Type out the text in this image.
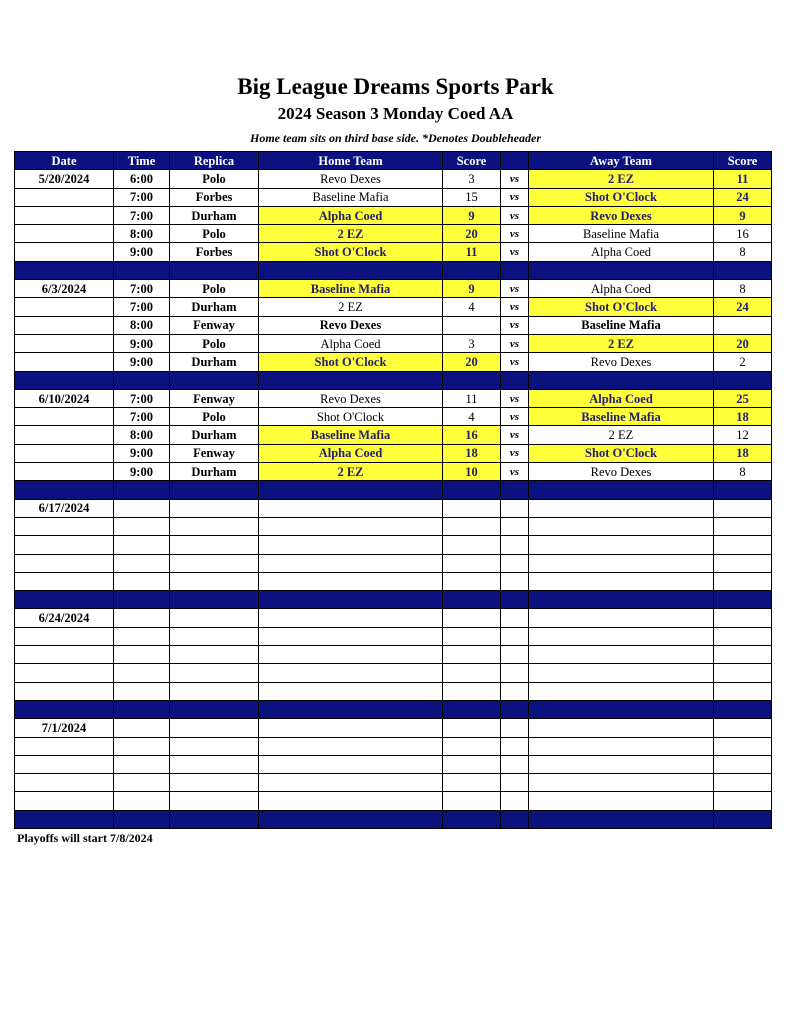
Big League Dreams Sports Park
2024 Season 3 Monday Coed AA
Home team sits on third base side. *Denotes Doubleheader
Date	Time	Replica	Home Team	Score		Away Team	Score
5/20/2024	6:00	Polo	Revo Dexes	3	vs	2 EZ	11
	7:00	Forbes	Baseline Mafia	15	vs	Shot O'Clock	24
	7:00	Durham	Alpha Coed	9	vs	Revo Dexes	9
	8:00	Polo	2 EZ	20	vs	Baseline Mafia	16
	9:00	Forbes	Shot O'Clock	11	vs	Alpha Coed	8

6/3/2024	7:00	Polo	Baseline Mafia	9	vs	Alpha Coed	8
	7:00	Durham	2 EZ	4	vs	Shot O'Clock	24
	8:00	Fenway	Revo Dexes		vs	Baseline Mafia	
	9:00	Polo	Alpha Coed	3	vs	2 EZ	20
	9:00	Durham	Shot O'Clock	20	vs	Revo Dexes	2

6/10/2024	7:00	Fenway	Revo Dexes	11	vs	Alpha Coed	25
	7:00	Polo	Shot O'Clock	4	vs	Baseline Mafia	18
	8:00	Durham	Baseline Mafia	16	vs	2 EZ	12
	9:00	Fenway	Alpha Coed	18	vs	Shot O'Clock	18
	9:00	Durham	2 EZ	10	vs	Revo Dexes	8

6/17/2024							

6/24/2024							

7/1/2024							

Playoffs will start 7/8/2024
